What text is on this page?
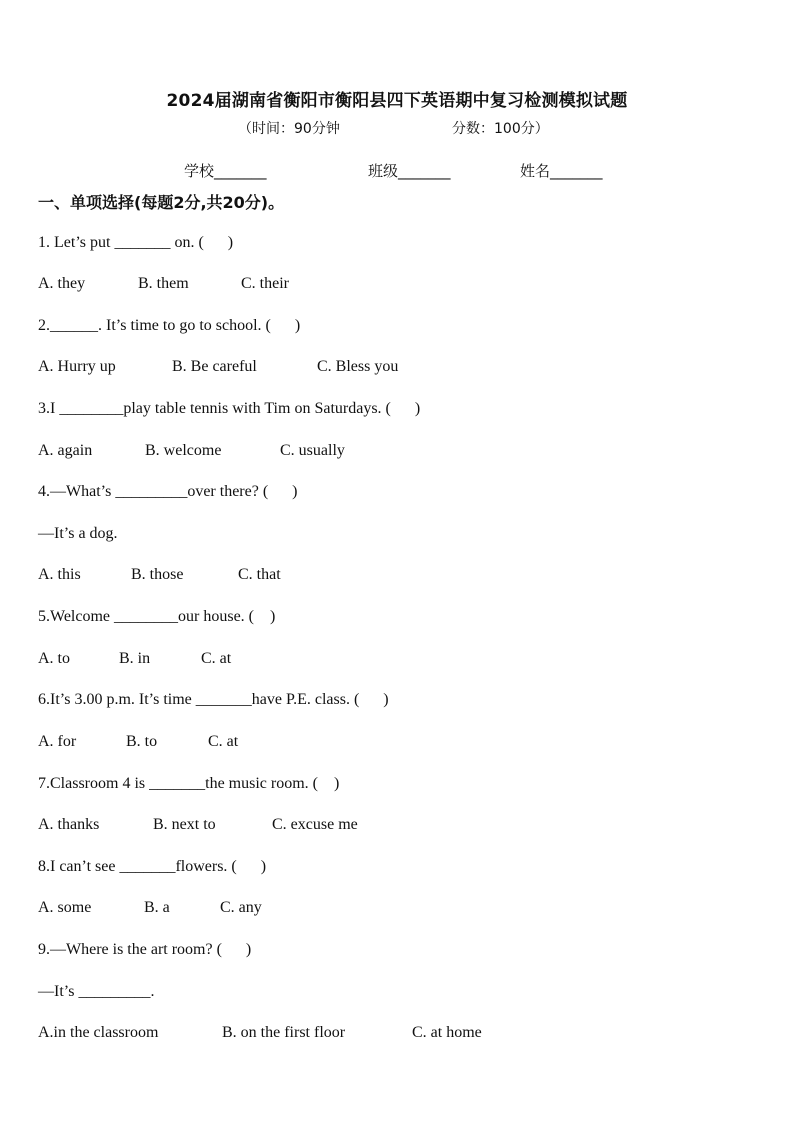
2024届湖南省衡阳市衡阳县四下英语期中复习检测模拟试题
（时间：90分钟	分数：100分）
学校_______	班级_______	姓名_______
一、单项选择(每题2分,共20分)。
1. Let’s put _______ on. (      )
A. they	B. them	C. their
2.______. It’s time to go to school. (      )
A. Hurry up	B. Be careful	C. Bless you
3.I ________play table tennis with Tim on Saturdays. (      )
A. again	B. welcome	C. usually
4.—What’s _________over there? (      )
—It’s a dog.
A. this	B. those	C. that
5.Welcome ________our house. (    )
A. to	B. in	C. at
6.It’s 3.00 p.m. It’s time _______have P.E. class. (      )
A. for	B. to	C. at
7.Classroom 4 is _______the music room. (    )
A. thanks	B. next to	C. excuse me
8.I can’t see _______flowers. (      )
A. some	B. a	C. any
9.—Where is the art room? (      )
—It’s _________.
A.in the classroom	B. on the first floor	C. at home
